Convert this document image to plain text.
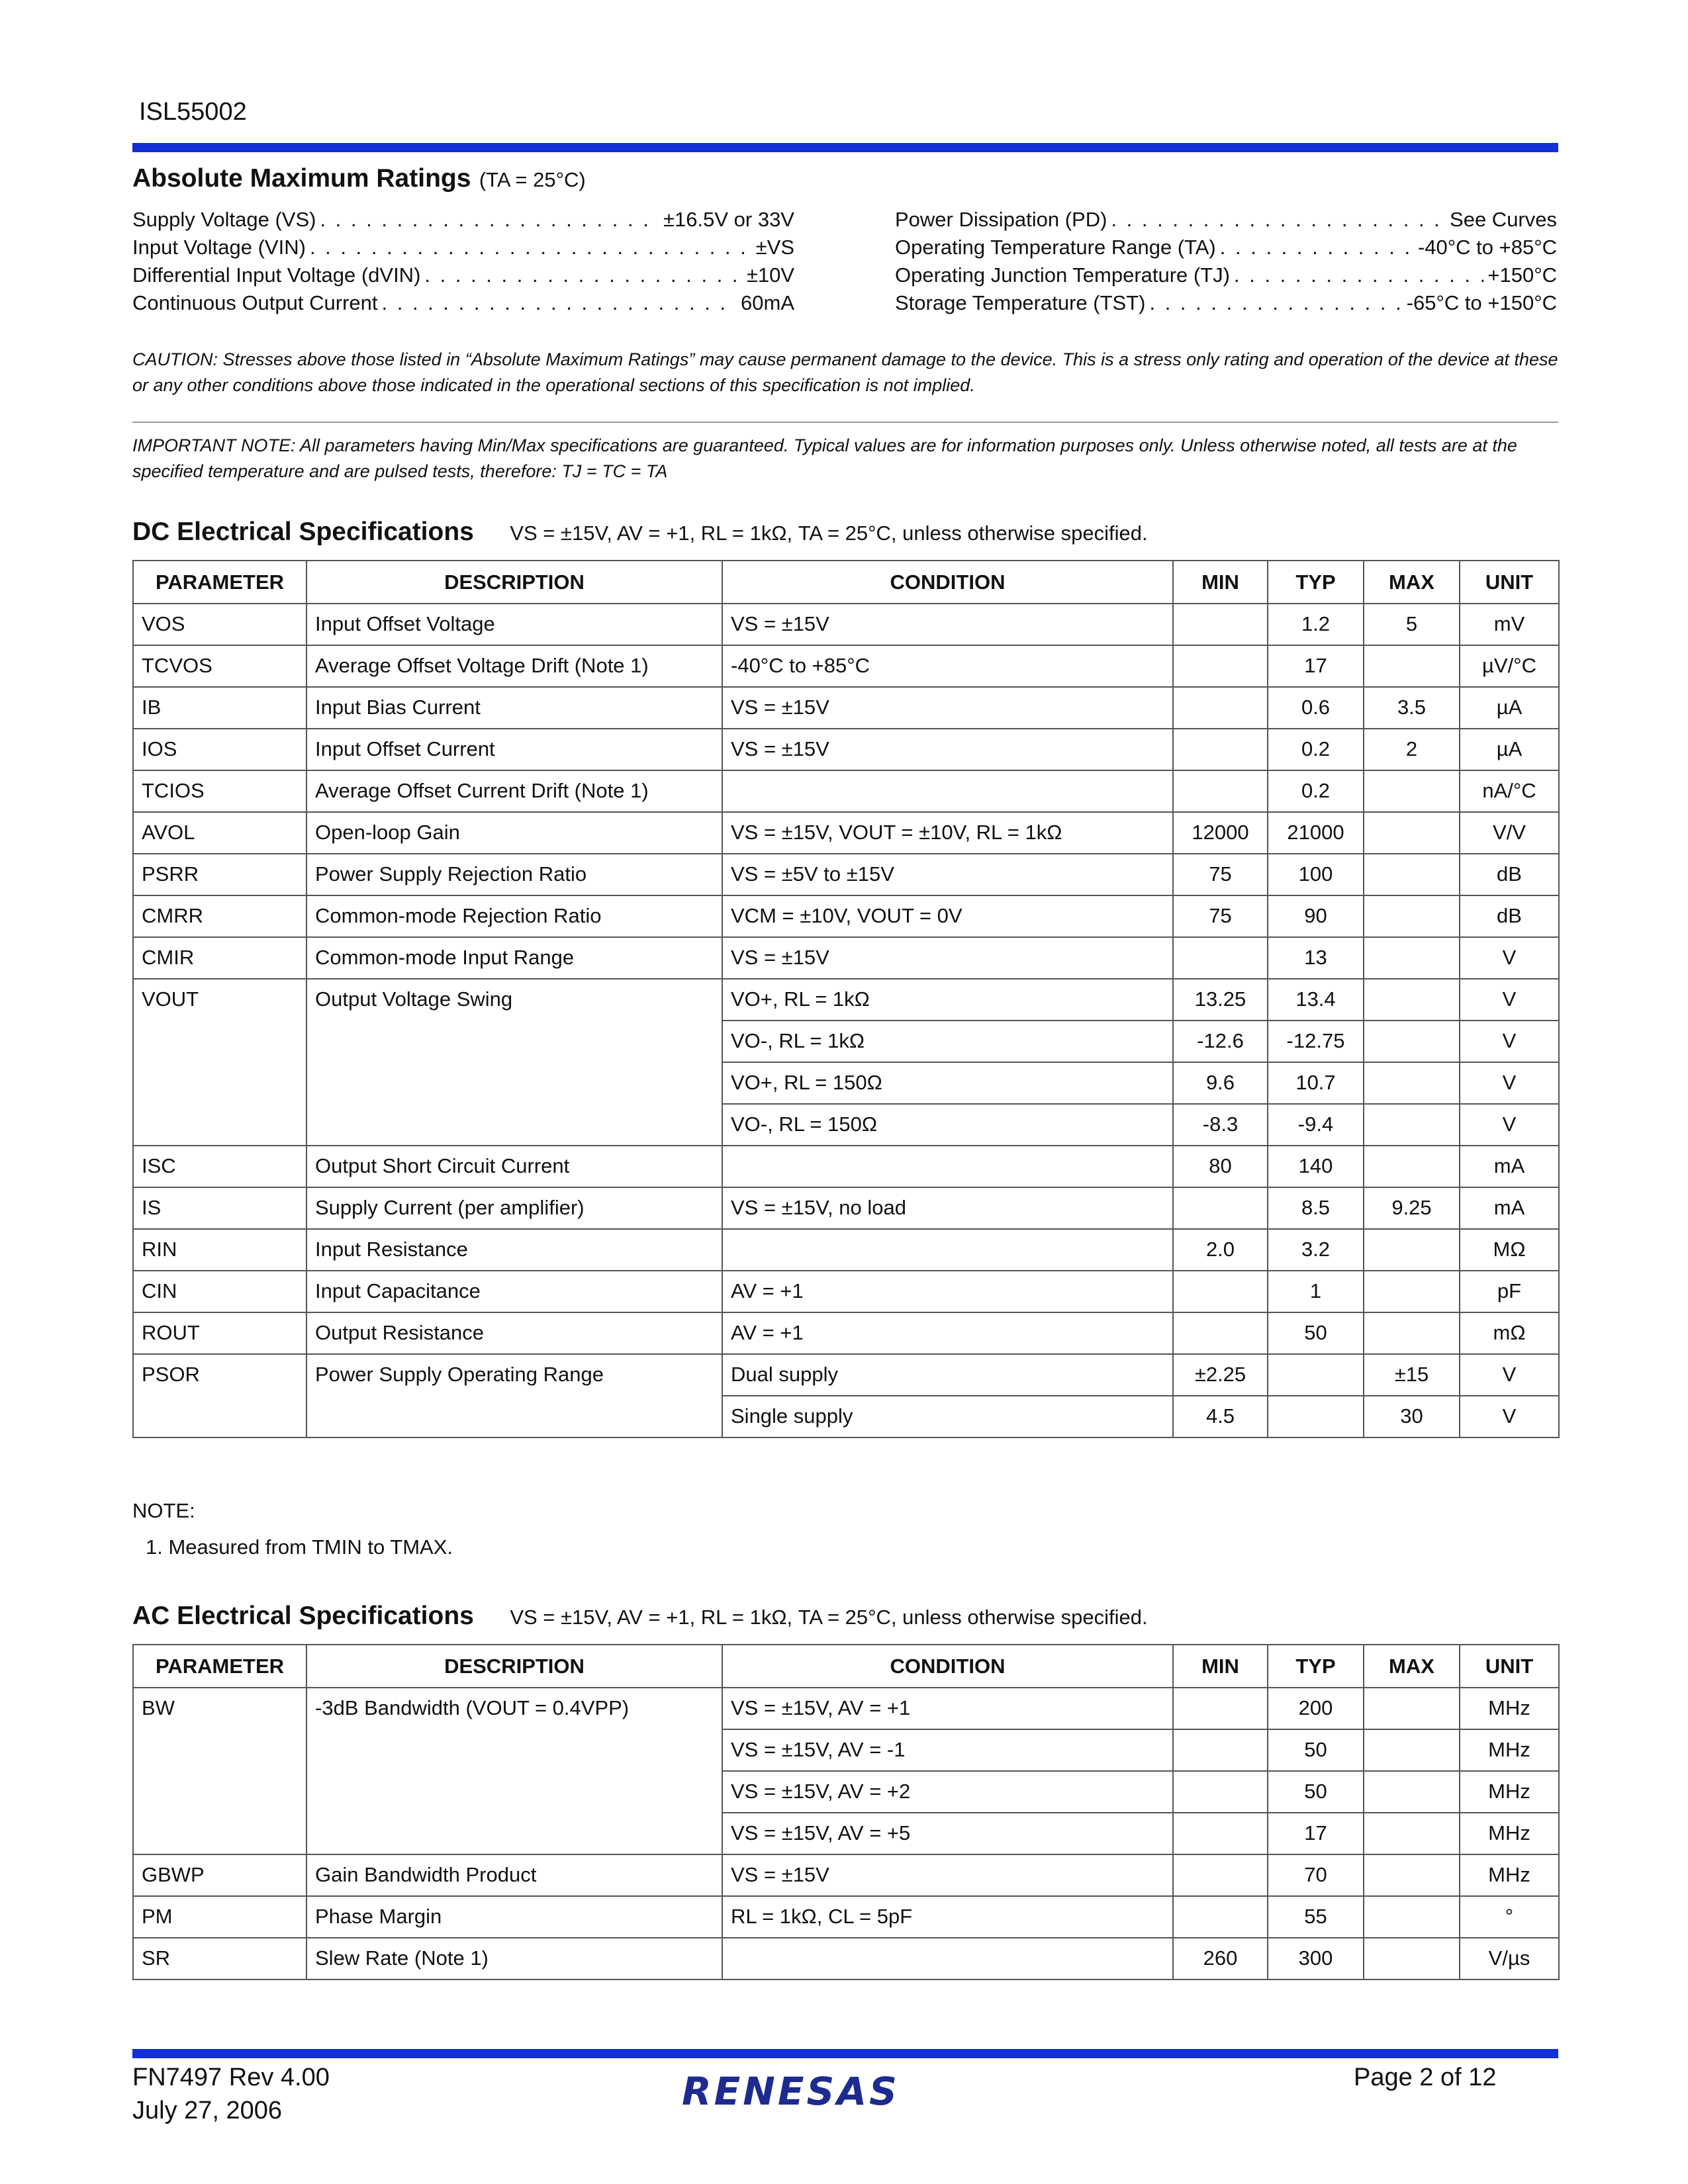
ISL55002
Absolute Maximum Ratings (TA = 25°C)
Supply Voltage (VS) . . .	±16.5V or 33V
Input Voltage (VIN) . . .	±VS
Differential Input Voltage (dVIN) . . .	±10V
Continuous Output Current . . .	60mA
Power Dissipation (PD) . . .	See Curves
Operating Temperature Range (TA) . . .	-40°C to +85°C
Operating Junction Temperature (TJ) . . .	+150°C
Storage Temperature (TST) . . .	-65°C to +150°C
CAUTION: Stresses above those listed in “Absolute Maximum Ratings” may cause permanent damage to the device. This is a stress only rating and operation of the device at these or any other conditions above those indicated in the operational sections of this specification is not implied.
IMPORTANT NOTE: All parameters having Min/Max specifications are guaranteed. Typical values are for information purposes only. Unless otherwise noted, all tests are at the specified temperature and are pulsed tests, therefore: TJ = TC = TA
DC Electrical Specifications VS = ±15V, AV = +1, RL = 1kΩ, TA = 25°C, unless otherwise specified.
PARAMETER	DESCRIPTION	CONDITION	MIN	TYP	MAX	UNIT
VOS	Input Offset Voltage	VS = ±15V		1.2	5	mV
TCVOS	Average Offset Voltage Drift (Note 1)	-40°C to +85°C		17		µV/°C
IB	Input Bias Current	VS = ±15V		0.6	3.5	µA
IOS	Input Offset Current	VS = ±15V		0.2	2	µA
TCIOS	Average Offset Current Drift (Note 1)			0.2		nA/°C
AVOL	Open-loop Gain	VS = ±15V, VOUT = ±10V, RL = 1kΩ	12000	21000		V/V
PSRR	Power Supply Rejection Ratio	VS = ±5V to ±15V	75	100		dB
CMRR	Common-mode Rejection Ratio	VCM = ±10V, VOUT = 0V	75	90		dB
CMIR	Common-mode Input Range	VS = ±15V		13		V
VOUT	Output Voltage Swing	VO+, RL = 1kΩ	13.25	13.4		V
		VO-, RL = 1kΩ	-12.6	-12.75		V
		VO+, RL = 150Ω	9.6	10.7		V
		VO-, RL = 150Ω	-8.3	-9.4		V
ISC	Output Short Circuit Current		80	140		mA
IS	Supply Current (per amplifier)	VS = ±15V, no load		8.5	9.25	mA
RIN	Input Resistance		2.0	3.2		MΩ
CIN	Input Capacitance	AV = +1		1		pF
ROUT	Output Resistance	AV = +1		50		mΩ
PSOR	Power Supply Operating Range	Dual supply	±2.25		±15	V
		Single supply	4.5		30	V
NOTE:
1. Measured from TMIN to TMAX.
AC Electrical Specifications VS = ±15V, AV = +1, RL = 1kΩ, TA = 25°C, unless otherwise specified.
PARAMETER	DESCRIPTION	CONDITION	MIN	TYP	MAX	UNIT
BW	-3dB Bandwidth (VOUT = 0.4VPP)	VS = ±15V, AV = +1		200		MHz
		VS = ±15V, AV = -1		50		MHz
		VS = ±15V, AV = +2		50		MHz
		VS = ±15V, AV = +5		17		MHz
GBWP	Gain Bandwidth Product	VS = ±15V		70		MHz
PM	Phase Margin	RL = 1kΩ, CL = 5pF		55		°
SR	Slew Rate (Note 1)		260	300		V/µs
FN7497 Rev 4.00
July 27, 2006	RENESAS	Page 2 of 12
